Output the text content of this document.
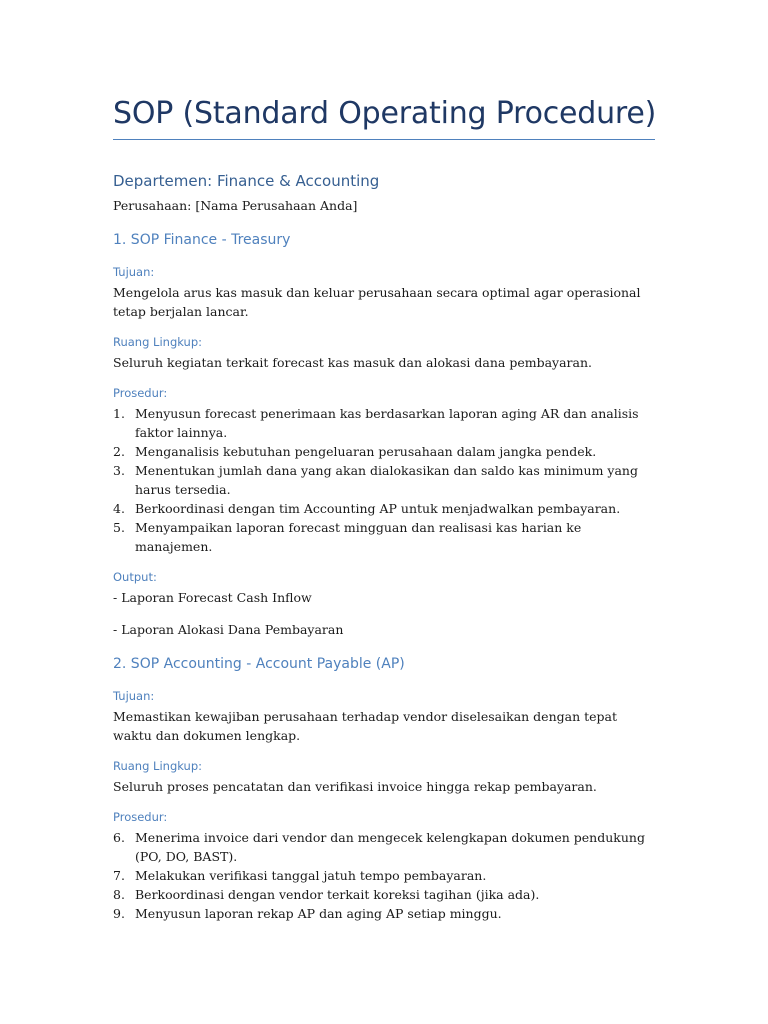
SOP (Standard Operating Procedure)
Departemen: Finance & Accounting

Perusahaan: [Nama Perusahaan Anda]

1. SOP Finance - Treasury
Tujuan:

Mengelola arus kas masuk dan keluar perusahaan secara optimal agar operasional tetap berjalan lancar.

Ruang Lingkup:

Seluruh kegiatan terkait forecast kas masuk dan alokasi dana pembayaran.

Prosedur:
1. Menyusun forecast penerimaan kas berdasarkan laporan aging AR dan analisis faktor lainnya.
2. Menganalisis kebutuhan pengeluaran perusahaan dalam jangka pendek.
3. Menentukan jumlah dana yang akan dialokasikan dan saldo kas minimum yang harus tersedia.
4. Berkoordinasi dengan tim Accounting AP untuk menjadwalkan pembayaran.
5. Menyampaikan laporan forecast mingguan dan realisasi kas harian ke manajemen.
Output:

- Laporan Forecast Cash Inflow

- Laporan Alokasi Dana Pembayaran

2. SOP Accounting - Account Payable (AP)
Tujuan:

Memastikan kewajiban perusahaan terhadap vendor diselesaikan dengan tepat waktu dan dokumen lengkap.

Ruang Lingkup:

Seluruh proses pencatatan dan verifikasi invoice hingga rekap pembayaran.

Prosedur:
6. Menerima invoice dari vendor dan mengecek kelengkapan dokumen pendukung (PO, DO, BAST).
7. Melakukan verifikasi tanggal jatuh tempo pembayaran.
8. Berkoordinasi dengan vendor terkait koreksi tagihan (jika ada).
9. Menyusun laporan rekap AP dan aging AP setiap minggu.
